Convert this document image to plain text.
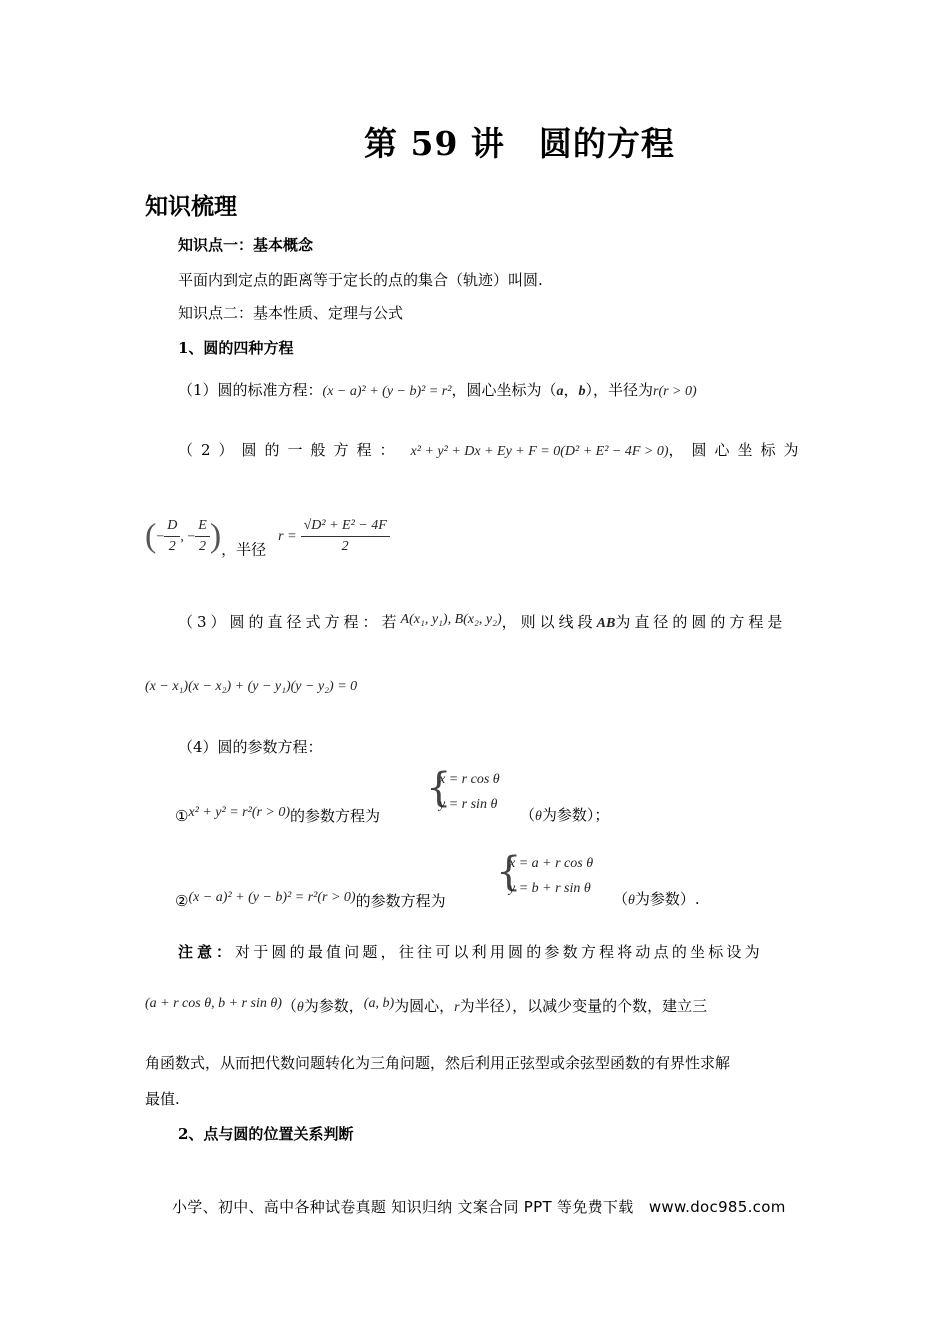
第 59 讲　圆的方程
知识梳理
知识点一：基本概念
平面内到定点的距离等于定长的点的集合（轨迹）叫圆.
知识点二：基本性质、定理与公式
1、圆的四种方程
（1）圆的标准方程：(x − a)² + (y − b)² = r²，圆心坐标为（a，b），半径为r(r > 0)
（2）圆的一般方程： x² + y² + Dx + Ey + F = 0(D² + E² − 4F > 0)，圆心坐标为
(− $\frac{D}{2}$ , − $\frac{E}{2}$ )，半径$r = \frac{\text{√D² + E² − 4F}}{2}$
（3）圆的直径式方程：若A(x₁, y₁), B(x₂, y₂)，则以线段AB为直径的圆的方程是
(x − x₁)(x − x₂) + (y − y₁)(y − y₂) = 0
（4）圆的参数方程：
①x² + y² = r²(r > 0)的参数方程为
{
x = r cos θ
y = r sin θ
（θ为参数）；
②(x − a)² + (y − b)² = r²(r > 0)的参数方程为
{
x = a + r cos θ
y = b + r sin θ
（θ为参数）.
注意：对于圆的最值问题，往往可以利用圆的参数方程将动点的坐标设为
(a + r cos θ, b + r sin θ)（θ为参数，(a, b)为圆心，r为半径），以减少变量的个数，建立三
角函数式，从而把代数问题转化为三角问题，然后利用正弦型或余弦型函数的有界性求解
最值.
2、点与圆的位置关系判断
小学、初中、高中各种试卷真题 知识归纳 文案合同 PPT 等免费下载　www.doc985.com
